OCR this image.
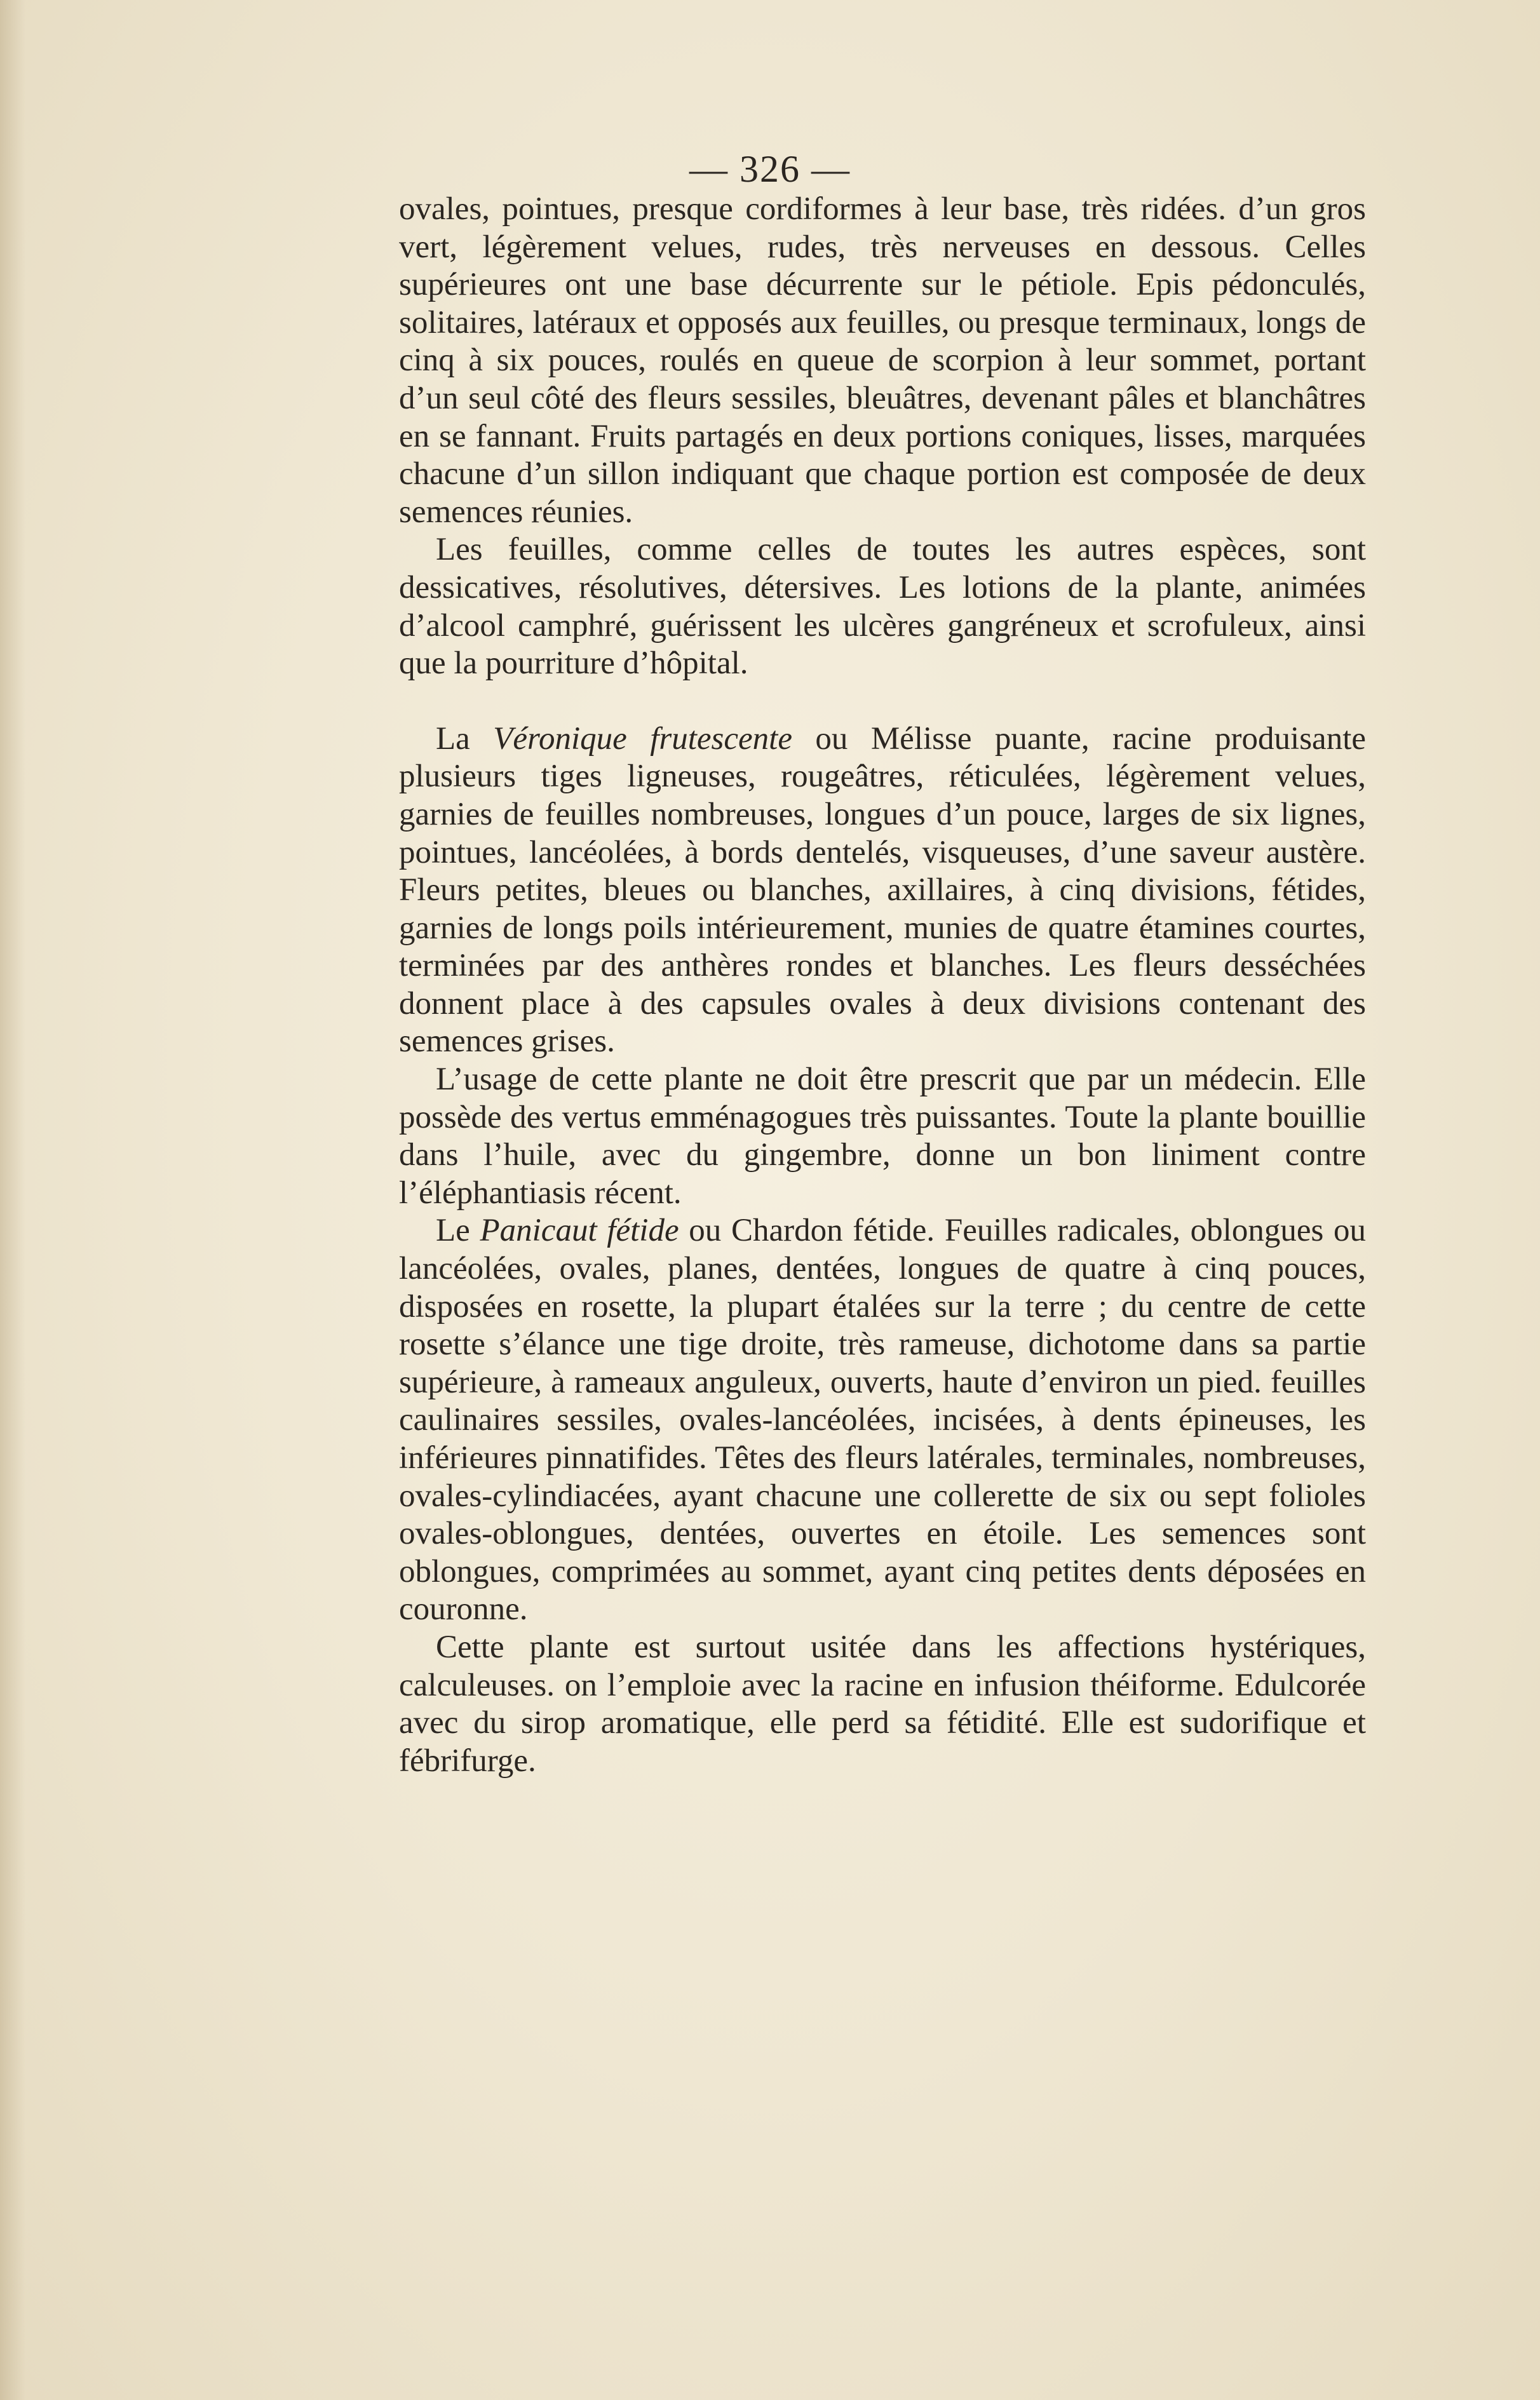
— 326 —

ovales, pointues, presque cordiformes à leur base, très ridées. d’un gros vert, légèrement velues, rudes, très nerveuses en dessous. Celles supérieures ont une base décurrente sur le pétiole. Epis pédonculés, solitaires, latéraux et opposés aux feuilles, ou presque terminaux, longs de cinq à six pouces, roulés en queue de scorpion à leur sommet, portant d’un seul côté des fleurs sessiles, bleuâtres, devenant pâles et blanchâtres en se fannant. Fruits partagés en deux portions coniques, lisses, marquées chacune d’un sillon indiquant que chaque portion est composée de deux semences réunies.

Les feuilles, comme celles de toutes les autres espèces, sont dessicatives, résolutives, détersives. Les lotions de la plante, animées d’alcool camphré, guérissent les ulcères gangréneux et scrofuleux, ainsi que la pourriture d’hôpital.

La Véronique frutescente ou Mélisse puante, racine produisante plusieurs tiges ligneuses, rougeâtres, réticulées, légèrement velues, garnies de feuilles nombreuses, longues d’un pouce, larges de six lignes, pointues, lancéolées, à bords dentelés, visqueuses, d’une saveur austère. Fleurs petites, bleues ou blanches, axillaires, à cinq divisions, fétides, garnies de longs poils intérieurement, munies de quatre étamines courtes, terminées par des anthères rondes et blanches. Les fleurs desséchées donnent place à des capsules ovales à deux divisions contenant des semences grises.

L’usage de cette plante ne doit être prescrit que par un médecin. Elle possède des vertus emménagogues très puissantes. Toute la plante bouillie dans l’huile, avec du gingembre, donne un bon liniment contre l’éléphantiasis récent.

Le Panicaut fétide ou Chardon fétide. Feuilles radicales, oblongues ou lancéolées, ovales, planes, dentées, longues de quatre à cinq pouces, disposées en rosette, la plupart étalées sur la terre ; du centre de cette rosette s’élance une tige droite, très rameuse, dichotome dans sa partie supérieure, à rameaux anguleux, ouverts, haute d’environ un pied. feuilles caulinaires sessiles, ovales-lancéolées, incisées, à dents épineuses, les inférieures pinnatifides. Têtes des fleurs latérales, terminales, nombreuses, ovales-cylindiacées, ayant chacune une collerette de six ou sept folioles ovales-oblongues, dentées, ouvertes en étoile. Les semences sont oblongues, comprimées au sommet, ayant cinq petites dents déposées en couronne.

Cette plante est surtout usitée dans les affections hystériques, calculeuses. on l’emploie avec la racine en infusion théiforme. Edulcorée avec du sirop aromatique, elle perd sa fétidité. Elle est sudorifique et fébrifurge.
